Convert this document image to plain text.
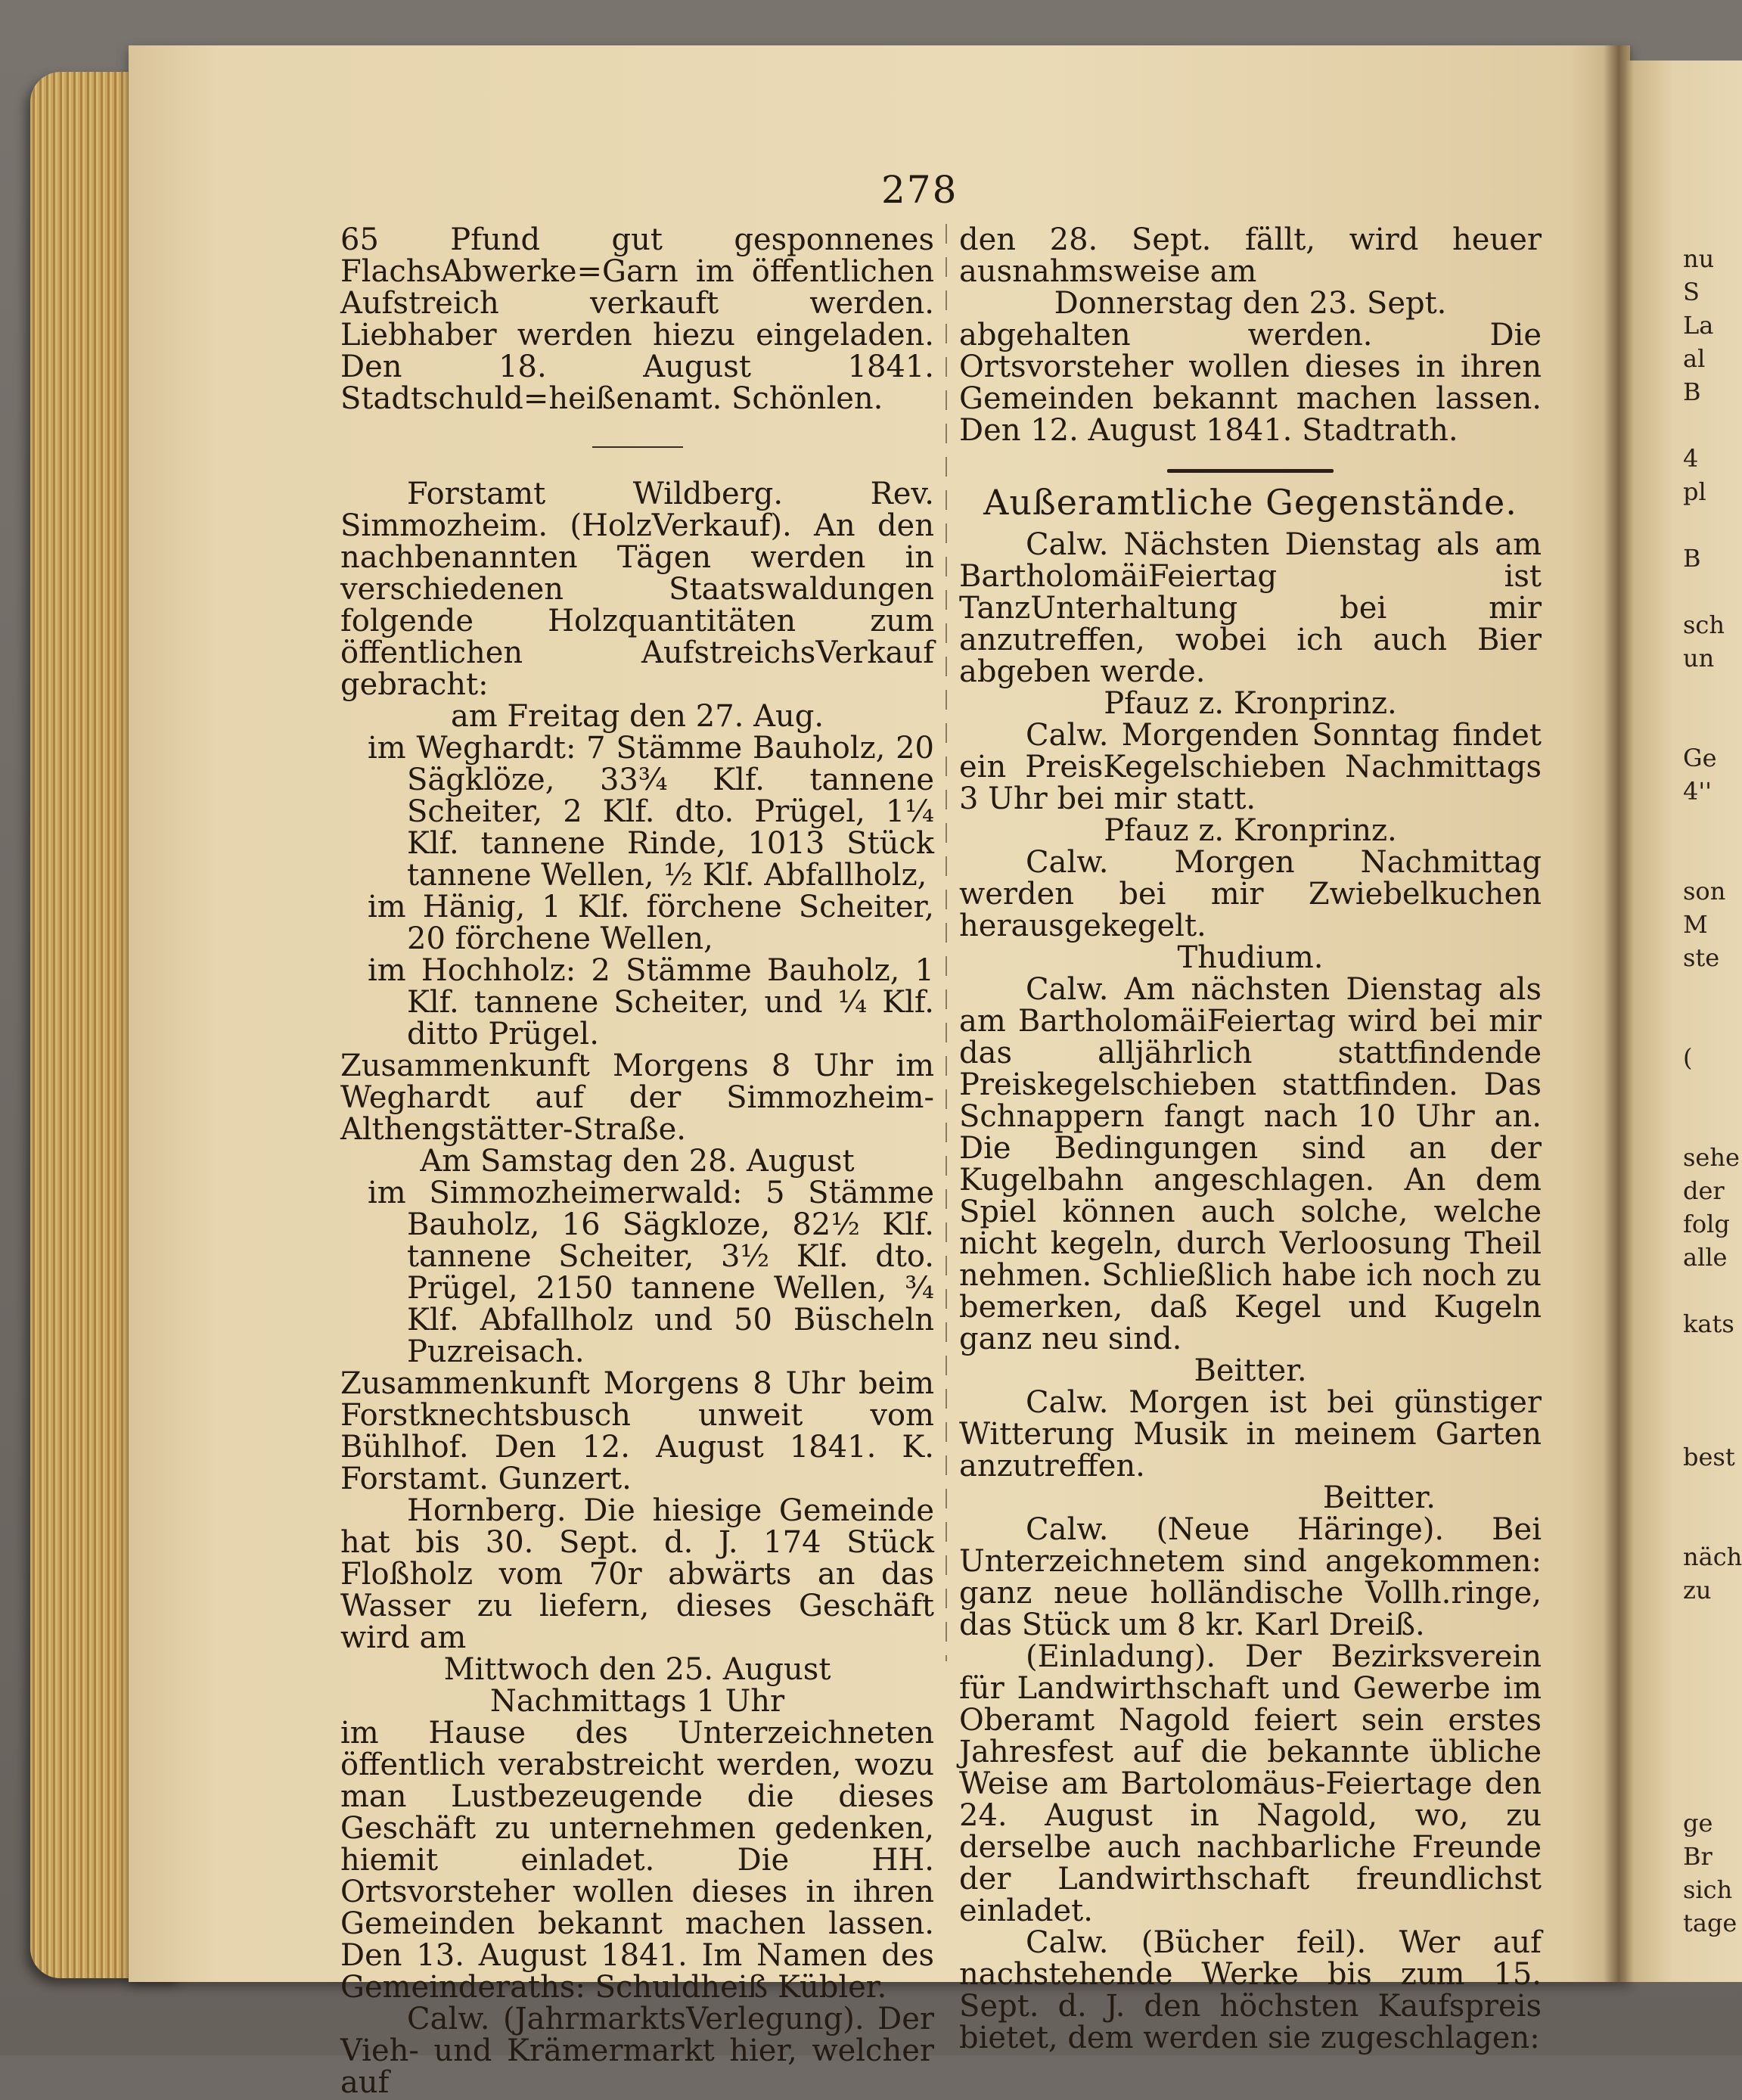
278
65 Pfund gut gesponnenes FlachsAbwerke=Garn im öffentlichen Aufstreich verkauft werden. Liebhaber werden hiezu eingeladen. Den 18. August 1841. Stadtschuld=heißenamt. Schönlen.
Forstamt Wildberg. Rev. Simmozheim. (HolzVerkauf). An den nachbenannten Tägen werden in verschiedenen Staatswaldungen folgende Holzquantitäten zum öffentlichen AufstreichsVerkauf gebracht:
am Freitag den 27. Aug.
im Weghardt: 7 Stämme Bauholz, 20 Sägklöze, 33¾ Klf. tannene Scheiter, 2 Klf. dto. Prügel, 1¼ Klf. tannene Rinde, 1013 Stück tannene Wellen, ½ Klf. Abfallholz,
im Hänig, 1 Klf. förchene Scheiter, 20 förchene Wellen,
im Hochholz: 2 Stämme Bauholz, 1 Klf. tannene Scheiter, und ¼ Klf. ditto Prügel.
Zusammenkunft Morgens 8 Uhr im Weghardt auf der Simmozheim-Althengstätter-Straße.
Am Samstag den 28. August
im Simmozheimerwald: 5 Stämme Bauholz, 16 Sägkloze, 82½ Klf. tannene Scheiter, 3½ Klf. dto. Prügel, 2150 tannene Wellen, ¾ Klf. Abfallholz und 50 Büscheln Puzreisach.
Zusammenkunft Morgens 8 Uhr beim Forstknechtsbusch unweit vom Bühlhof. Den 12. August 1841. K. Forstamt. Gunzert.
Hornberg. Die hiesige Gemeinde hat bis 30. Sept. d. J. 174 Stück Floßholz vom 70r abwärts an das Wasser zu liefern, dieses Geschäft wird am
Mittwoch den 25. August
Nachmittags 1 Uhr
im Hause des Unterzeichneten öffentlich verabstreicht werden, wozu man Lustbezeugende die dieses Geschäft zu unternehmen gedenken, hiemit einladet. Die HH. Ortsvorsteher wollen dieses in ihren Gemeinden bekannt machen lassen. Den 13. August 1841. Im Namen des Gemeinderaths: Schuldheiß Kübler.
Calw. (JahrmarktsVerlegung). Der Vieh- und Krämermarkt hier, welcher auf
den 28. Sept. fällt, wird heuer ausnahmsweise am
Donnerstag den 23. Sept.
abgehalten werden. Die Ortsvorsteher wollen dieses in ihren Gemeinden bekannt machen lassen. Den 12. August 1841. Stadtrath.
Außeramtliche Gegenstände.
Calw. Nächsten Dienstag als am BartholomäiFeiertag ist TanzUnterhaltung bei mir anzutreffen, wobei ich auch Bier abgeben werde.
Pfauz z. Kronprinz.
Calw. Morgenden Sonntag findet ein PreisKegelschieben Nachmittags 3 Uhr bei mir statt.
Pfauz z. Kronprinz.
Calw. Morgen Nachmittag werden bei mir Zwiebelkuchen herausgekegelt.
Thudium.
Calw. Am nächsten Dienstag als am BartholomäiFeiertag wird bei mir das alljährlich stattfindende Preiskegelschieben stattfinden. Das Schnappern fangt nach 10 Uhr an. Die Bedingungen sind an der Kugelbahn angeschlagen. An dem Spiel können auch solche, welche nicht kegeln, durch Verloosung Theil nehmen. Schließlich habe ich noch zu bemerken, daß Kegel und Kugeln ganz neu sind.
Beitter.
Calw. Morgen ist bei günstiger Witterung Musik in meinem Garten anzutreffen.
Beitter.
Calw. (Neue Häringe). Bei Unterzeichnetem sind angekommen: ganz neue holländische Vollh.ringe, das Stück um 8 kr. Karl Dreiß.
(Einladung). Der Bezirksverein für Landwirthschaft und Gewerbe im Oberamt Nagold feiert sein erstes Jahresfest auf die bekannte übliche Weise am Bartolomäus-Feiertage den 24. August in Nagold, wo, zu derselbe auch nachbarliche Freunde der Landwirthschaft freundlichst einladet.
Calw. (Bücher feil). Wer auf nachstehende Werke bis zum 15. Sept. d. J. den höchsten Kaufspreis bietet, dem werden sie zugeschlagen:
nu
S
La
al
B
4
pl
B
sch
un
Ge
4''
son
M
ste
(
sehe
der
folg
alle
kats
best
näch
zu
ge
Br
sich
tage
